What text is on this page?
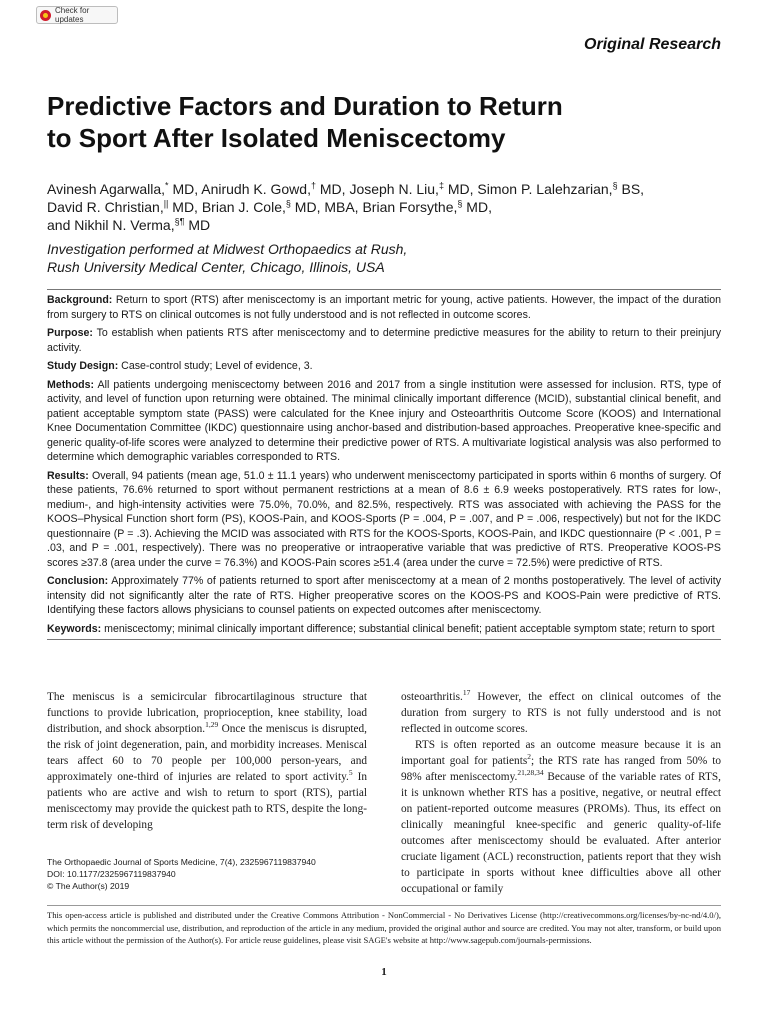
Check for updates
Original Research
Predictive Factors and Duration to Return
to Sport After Isolated Meniscectomy
Avinesh Agarwalla,* MD, Anirudh K. Gowd,† MD, Joseph N. Liu,‡ MD, Simon P. Lalehzarian,§ BS,
David R. Christian,|| MD, Brian J. Cole,§ MD, MBA, Brian Forsythe,§ MD,
and Nikhil N. Verma,§¶ MD
Investigation performed at Midwest Orthopaedics at Rush,
Rush University Medical Center, Chicago, Illinois, USA

Background: Return to sport (RTS) after meniscectomy is an important metric for young, active patients. However, the impact of the duration from surgery to RTS on clinical outcomes is not fully understood and is not reflected in outcome scores.

Purpose: To establish when patients RTS after meniscectomy and to determine predictive measures for the ability to return to their preinjury activity.

Study Design: Case-control study; Level of evidence, 3.

Methods: All patients undergoing meniscectomy between 2016 and 2017 from a single institution were assessed for inclusion. RTS, type of activity, and level of function upon returning were obtained. The minimal clinically important difference (MCID), substantial clinical benefit, and patient acceptable symptom state (PASS) were calculated for the Knee injury and Osteoarthritis Outcome Score (KOOS) and International Knee Documentation Committee (IKDC) questionnaire using anchor-based and distribution-based approaches. Preoperative knee-specific and generic quality-of-life scores were analyzed to determine their predictive power of RTS. A multivariate logistical analysis was also performed to determine which demographic variables corresponded to RTS.

Results: Overall, 94 patients (mean age, 51.0 ± 11.1 years) who underwent meniscectomy participated in sports within 6 months of surgery. Of these patients, 76.6% returned to sport without permanent restrictions at a mean of 8.6 ± 6.9 weeks postoperatively. RTS rates for low-, medium-, and high-intensity activities were 75.0%, 70.0%, and 82.5%, respectively. RTS was associated with achieving the PASS for the KOOS–Physical Function short form (PS), KOOS-Pain, and KOOS-Sports (P = .004, P = .007, and P = .006, respectively) but not for the IKDC questionnaire (P = .3). Achieving the MCID was associated with RTS for the KOOS-Sports, KOOS-Pain, and IKDC questionnaire (P < .001, P = .03, and P = .001, respectively). There was no preoperative or intraoperative variable that was predictive of RTS. Preoperative KOOS-PS scores ≥37.8 (area under the curve = 76.3%) and KOOS-Pain scores ≥51.4 (area under the curve = 72.5%) were predictive of RTS.

Conclusion: Approximately 77% of patients returned to sport after meniscectomy at a mean of 2 months postoperatively. The level of activity intensity did not significantly alter the rate of RTS. Higher preoperative scores on the KOOS-PS and KOOS-Pain were predictive of RTS. Identifying these factors allows physicians to counsel patients on expected outcomes after meniscectomy.

Keywords: meniscectomy; minimal clinically important difference; substantial clinical benefit; patient acceptable symptom state; return to sport

The meniscus is a semicircular fibrocartilaginous structure that functions to provide lubrication, proprioception, knee stability, load distribution, and shock absorption.$^{1,29}$ Once the meniscus is disrupted, the risk of joint degeneration, pain, and morbidity increases. Meniscal tears affect 60 to 70 people per 100,000 person-years, and approximately one-third of injuries are related to sport activity.$^5$ In patients who are active and wish to return to sport (RTS), partial meniscectomy may provide the quickest path to RTS, despite the long-term risk of developing

The Orthopaedic Journal of Sports Medicine, 7(4), 2325967119837940
DOI: 10.1177/2325967119837940
© The Author(s) 2019

osteoarthritis.$^{17}$ However, the effect on clinical outcomes of the duration from surgery to RTS is not fully understood and is not reflected in outcome scores.

RTS is often reported as an outcome measure because it is an important goal for patients$^2$; the RTS rate has ranged from 50% to 98% after meniscectomy.$^{21,28,34}$ Because of the variable rates of RTS, it is unknown whether RTS has a positive, negative, or neutral effect on patient-reported outcome measures (PROMs). Thus, its effect on clinically meaningful knee-specific and generic quality-of-life outcomes after meniscectomy should be evaluated. After anterior cruciate ligament (ACL) reconstruction, patients report that they wish to participate in sports without knee difficulties above all other occupational or family

This open-access article is published and distributed under the Creative Commons Attribution - NonCommercial - No Derivatives License (http://creativecommons.org/licenses/by-nc-nd/4.0/), which permits the noncommercial use, distribution, and reproduction of the article in any medium, provided the original author and source are credited. You may not alter, transform, or build upon this article without the permission of the Author(s). For article reuse guidelines, please visit SAGE's website at http://www.sagepub.com/journals-permissions.
1
